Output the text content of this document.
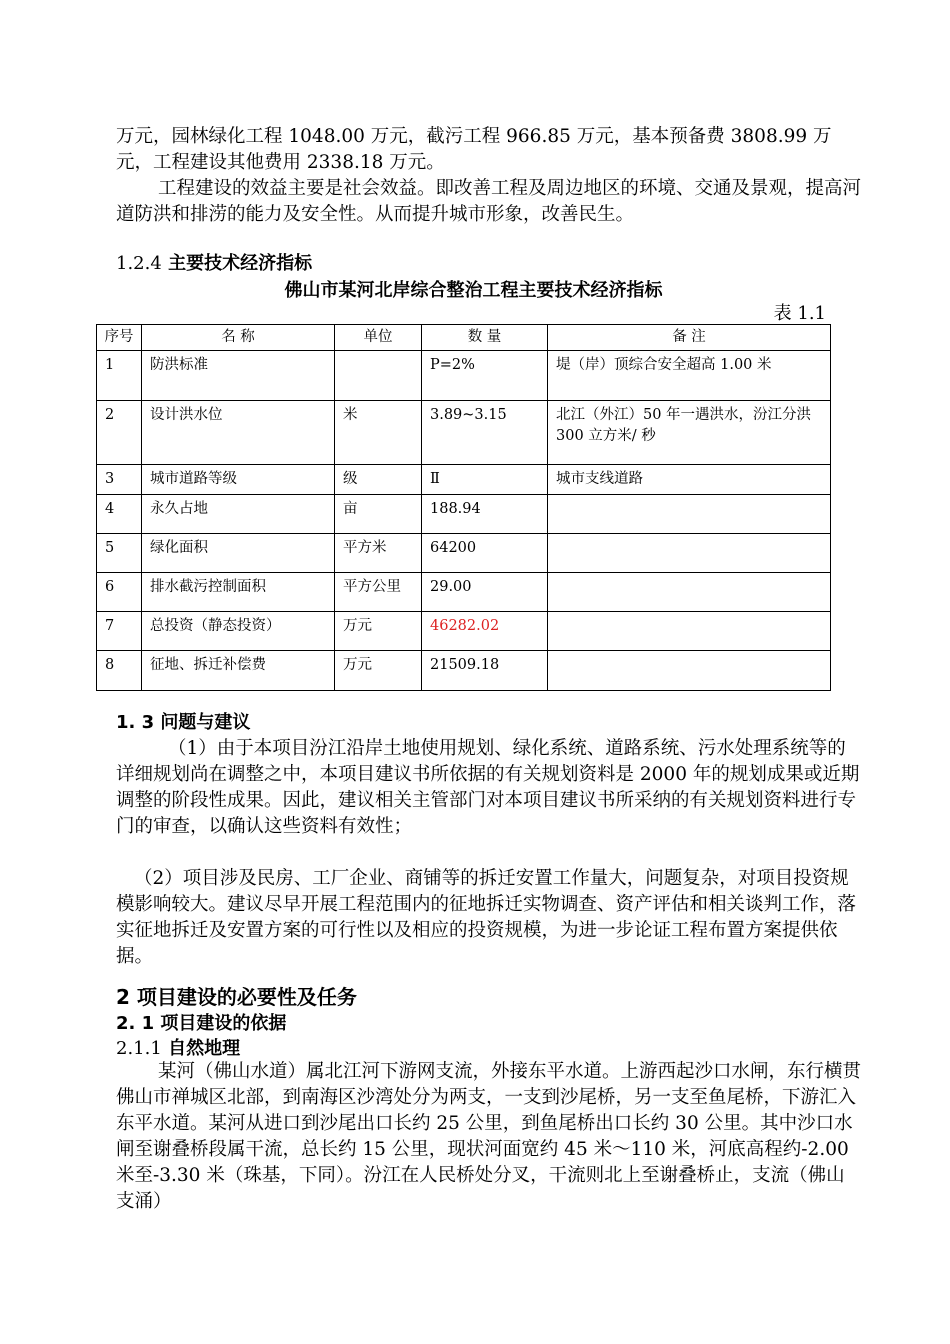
万元，园林绿化工程 1048.00 万元，截污工程 966.85 万元，基本预备费 3808.99 万元，工程建设其他费用 2338.18 万元。
工程建设的效益主要是社会效益。即改善工程及周边地区的环境、交通及景观，提高河道防洪和排涝的能力及安全性。从而提升城市形象，改善民生。
1.2.4 主要技术经济指标
佛山市某河北岸综合整治工程主要技术经济指标
表 1.1
序号	名 称	单位	数 量	备 注
1	防洪标准		P=2%	堤（岸）顶综合安全超高 1.00 米
2	设计洪水位	米	3.89~3.15	北江（外江）50 年一遇洪水，汾江分洪 300 立方米/ 秒
3	城市道路等级	级	Ⅱ	城市支线道路
4	永久占地	亩	188.94	
5	绿化面积	平方米	64200	
6	排水截污控制面积	平方公里	29.00	
7	总投资（静态投资）	万元	46282.02	
8	征地、拆迁补偿费	万元	21509.18	
1. 3 问题与建议
（1）由于本项目汾江沿岸土地使用规划、绿化系统、道路系统、污水处理系统等的详细规划尚在调整之中，本项目建议书所依据的有关规划资料是 2000 年的规划成果或近期调整的阶段性成果。因此，建议相关主管部门对本项目建议书所采纳的有关规划资料进行专门的审查，以确认这些资料有效性；
（2）项目涉及民房、工厂企业、商铺等的拆迁安置工作量大，问题复杂，对项目投资规模影响较大。建议尽早开展工程范围内的征地拆迁实物调查、资产评估和相关谈判工作，落实征地拆迁及安置方案的可行性以及相应的投资规模，为进一步论证工程布置方案提供依据。
2 项目建设的必要性及任务
2. 1 项目建设的依据
2.1.1 自然地理
某河（佛山水道）属北江河下游网支流，外接东平水道。上游西起沙口水闸，东行横贯佛山市禅城区北部，到南海区沙湾处分为两支，一支到沙尾桥，另一支至鱼尾桥，下游汇入东平水道。某河从进口到沙尾出口长约 25 公里，到鱼尾桥出口长约 30 公里。其中沙口水闸至谢叠桥段属干流，总长约 15 公里，现状河面宽约 45 米～110 米，河底高程约-2.00 米至-3.30 米（珠基，下同）。汾江在人民桥处分叉，干流则北上至谢叠桥止，支流（佛山支涌）
